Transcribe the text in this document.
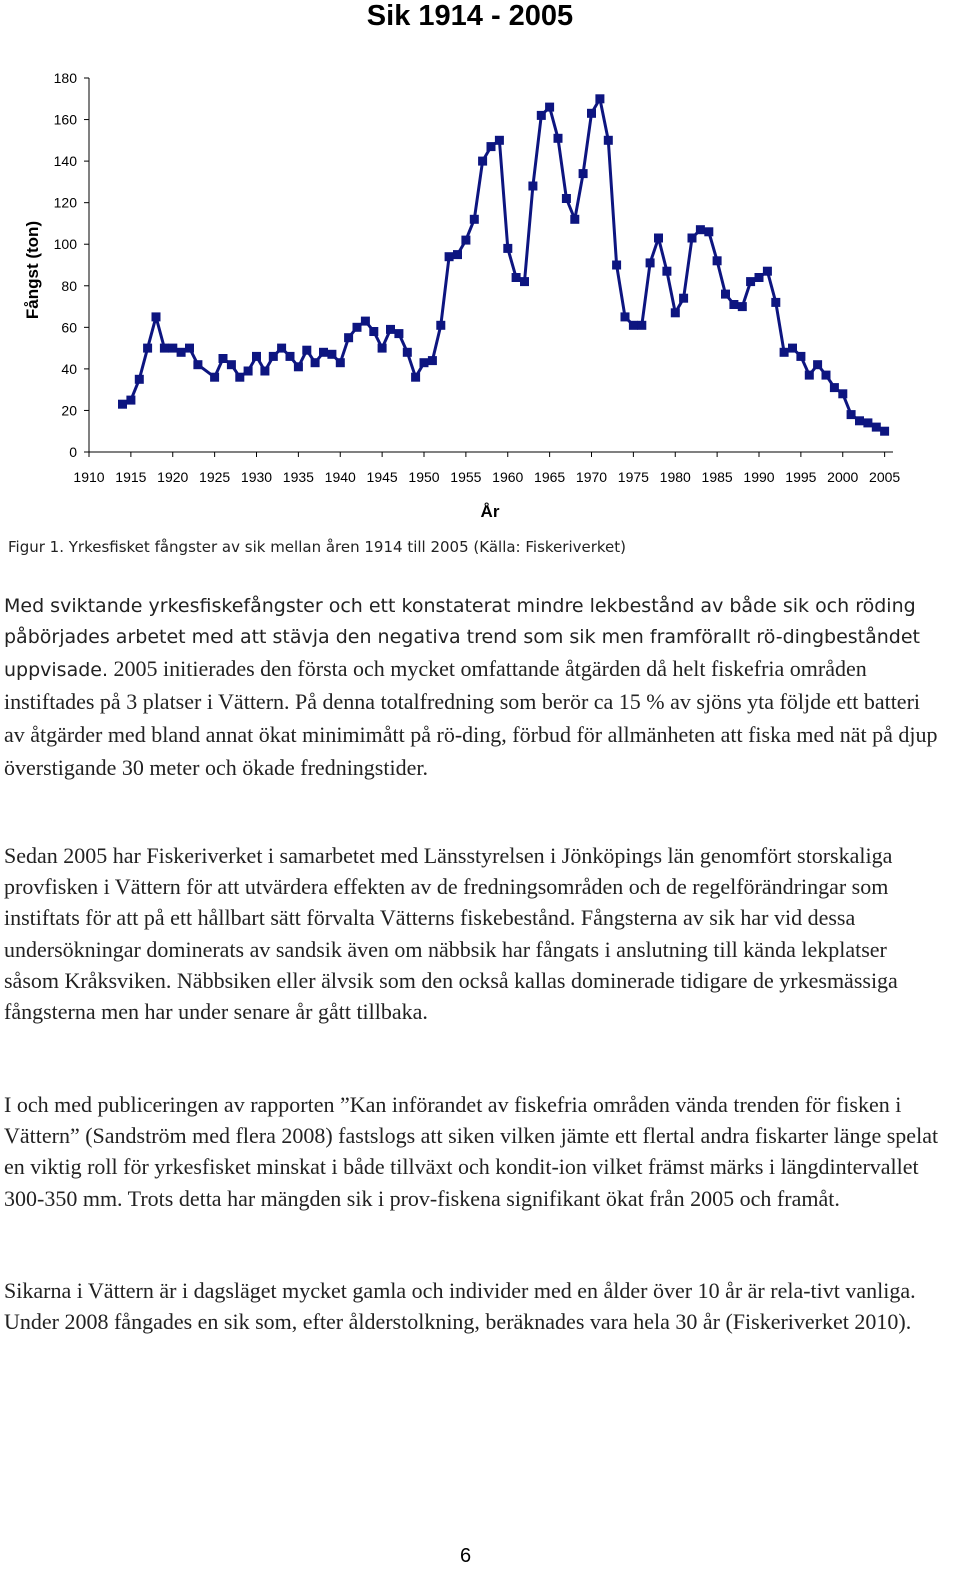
Sik 1914 - 2005
0
20
40
60
80
100
120
140
160
180
1910 1915 1920 1925 1930 1935 1940 1945 1950 1955 1960 1965 1970 1975 1980 1985 1990 1995 2000 2005
Fångst (ton)
År
Figur 1. Yrkesfisket fångster av sik mellan åren 1914 till 2005 (Källa: Fiskeriverket)

Med sviktande yrkesfiskefångster och ett konstaterat mindre lekbestånd av både sik och röding påbörjades arbetet med att stävja den negativa trend som sik men framförallt rö-dingbeståndet uppvisade. 2005 initierades den första och mycket omfattande åtgärden då helt fiskefria områden instiftades på 3 platser i Vättern. På denna totalfredning som berör ca 15 % av sjöns yta följde ett batteri av åtgärder med bland annat ökat minimimått på rö-ding, förbud för allmänheten att fiska med nät på djup överstigande 30 meter och ökade fredningstider.

Sedan 2005 har Fiskeriverket i samarbetet med Länsstyrelsen i Jönköpings län genomfört storskaliga provfisken i Vättern för att utvärdera effekten av de fredningsområden och de regelförändringar som instiftats för att på ett hållbart sätt förvalta Vätterns fiskebestånd. Fångsterna av sik har vid dessa undersökningar dominerats av sandsik även om näbbsik har fångats i anslutning till kända lekplatser såsom Kråksviken. Näbbsiken eller älvsik som den också kallas dominerade tidigare de yrkesmässiga fångsterna men har under senare år gått tillbaka.

I och med publiceringen av rapporten ”Kan införandet av fiskefria områden vända trenden för fisken i Vättern” (Sandström med flera 2008) fastslogs att siken vilken jämte ett flertal andra fiskarter länge spelat en viktig roll för yrkesfisket minskat i både tillväxt och kondit-ion vilket främst märks i längdintervallet 300-350 mm. Trots detta har mängden sik i prov-fiskena signifikant ökat från 2005 och framåt.

Sikarna i Vättern är i dagsläget mycket gamla och individer med en ålder över 10 år är rela-tivt vanliga. Under 2008 fångades en sik som, efter ålderstolkning, beräknades vara hela 30 år (Fiskeriverket 2010).

6
